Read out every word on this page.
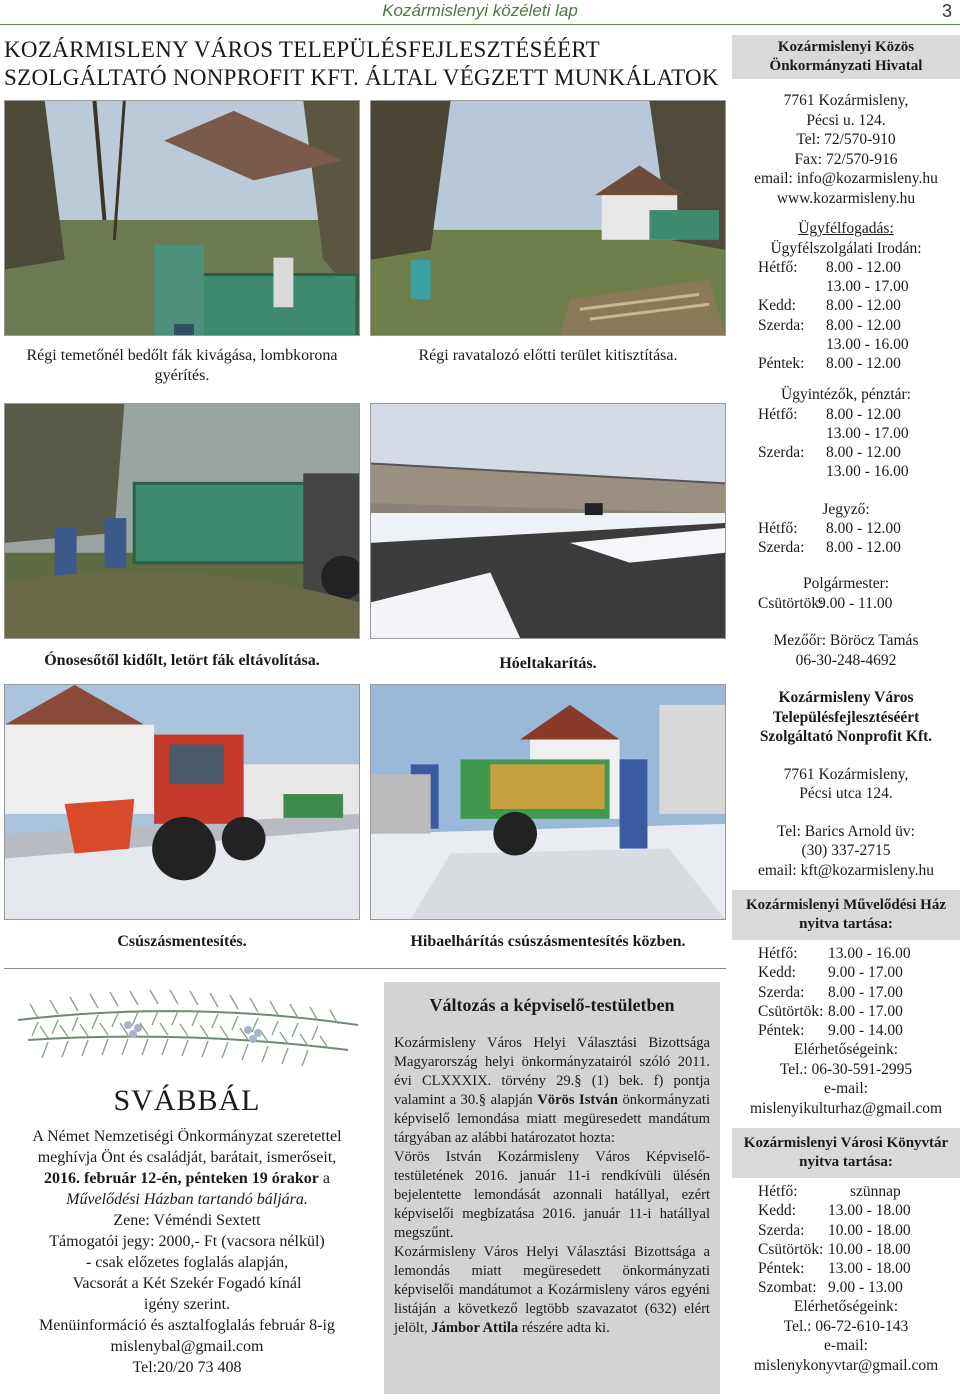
Kozármislenyi közéleti lap	3
KOZÁRMISLENY VÁROS TELEPÜLÉSFEJLESZTÉSÉÉRT SZOLGÁLTATÓ NONPROFIT KFT. ÁLTAL VÉGZETT MUNKÁLATOK
Régi temetőnél bedőlt fák kivágása, lombkorona gyérítés.
Régi ravatalozó előtti terület kitisztítása.
Ónosesőtől kidőlt, letört fák eltávolítása.	Hóeltakarítás.
Csúszásmentesítés.	Hibaelhárítás csúszásmentesítés közben.
Kozármislenyi Közös Önkormányzati Hivatal
7761 Kozármisleny,
Pécsi u. 124.
Tel: 72/570-910
Fax: 72/570-916
email: info@kozarmisleny.hu
www.kozarmisleny.hu
Ügyfélfogadás:
Ügyfélszolgálati Irodán:
Hétfő:	8.00 - 12.00
13.00 - 17.00
Kedd:	8.00 - 12.00
Szerda:	8.00 - 12.00
13.00 - 16.00
Péntek:	8.00 - 12.00
Ügyintézők, pénztár:
Hétfő:	8.00 - 12.00
13.00 - 17.00
Szerda:	8.00 - 12.00
13.00 - 16.00
Jegyző:
Hétfő:	8.00 - 12.00
Szerda:	8.00 - 12.00
Polgármester:
Csütörtök:
9.00 - 11.00
Mezőőr: Böröcz Tamás
06-30-248-4692
Kozármisleny Város
Településfejlesztéséért
Szolgáltató Nonprofit Kft.
7761 Kozármisleny,
Pécsi utca 124.
Tel: Barics Arnold üv:
(30) 337-2715
email: kft@kozarmisleny.hu
Kozármislenyi Művelődési Ház nyitva tartása:
Hétfő:	13.00 - 16.00
Kedd:	9.00 - 17.00
Szerda:	8.00 - 17.00
Csütörtök: 8.00 - 17.00
Péntek:	9.00 - 14.00
Elérhetőségeink:
Tel.: 06-30-591-2995
e-mail:
mislenyikulturhaz@gmail.com
Kozármislenyi Városi Könyvtár nyitva tartása:
Hétfő:	szünnap
Kedd:	13.00 - 18.00
Szerda:	10.00 - 18.00
Csütörtök: 10.00 - 18.00
Péntek:	13.00 - 18.00
Szombat: 9.00 - 13.00
Elérhetőségeink:
Tel.: 06-72-610-143
e-mail:
mislenykonyvtar@gmail.com
SVÁBBÁL
A Német Nemzetiségi Önkormányzat szeretettel meghívja Önt és családját, barátait, ismerőseit,
2016. február 12-én, pénteken 19 órakor a
Művelődési Házban tartandó báljára.
Zene: Véméndi Sextett
Támogatói jegy: 2000,- Ft (vacsora nélkül)
- csak előzetes foglalás alapján,
Vacsorát a Két Szekér Fogadó kínál
igény szerint.
Menüinformáció és asztalfoglalás február 8-ig
mislenybal@gmail.com
Tel:20/20 73 408
Változás a képviselő-testületben

Kozármisleny Város Helyi Választási Bizottsága Magyarország helyi önkormányzatairól szóló 2011. évi CLXXXIX. törvény 29.§ (1) bek. f) pontja valamint a 30.§ alapján Vörös István önkormányzati képviselő lemondása miatt megüresedett mandátum tárgyában az alábbi határozatot hozta:

Vörös István Kozármisleny Város Képviselő-testületének 2016. január 11-i rendkívüli ülésén bejelentette lemondását azonnali hatállyal, ezért képviselői megbízatása 2016. január 11-i hatállyal megszűnt.

Kozármisleny Város Helyi Választási Bizottsága a lemondás miatt megüresedett önkormányzati képviselői mandátumot a Kozármisleny város egyéni listáján a következő legtöbb szavazatot (632) elért jelölt, Jámbor Attila részére adta ki.
